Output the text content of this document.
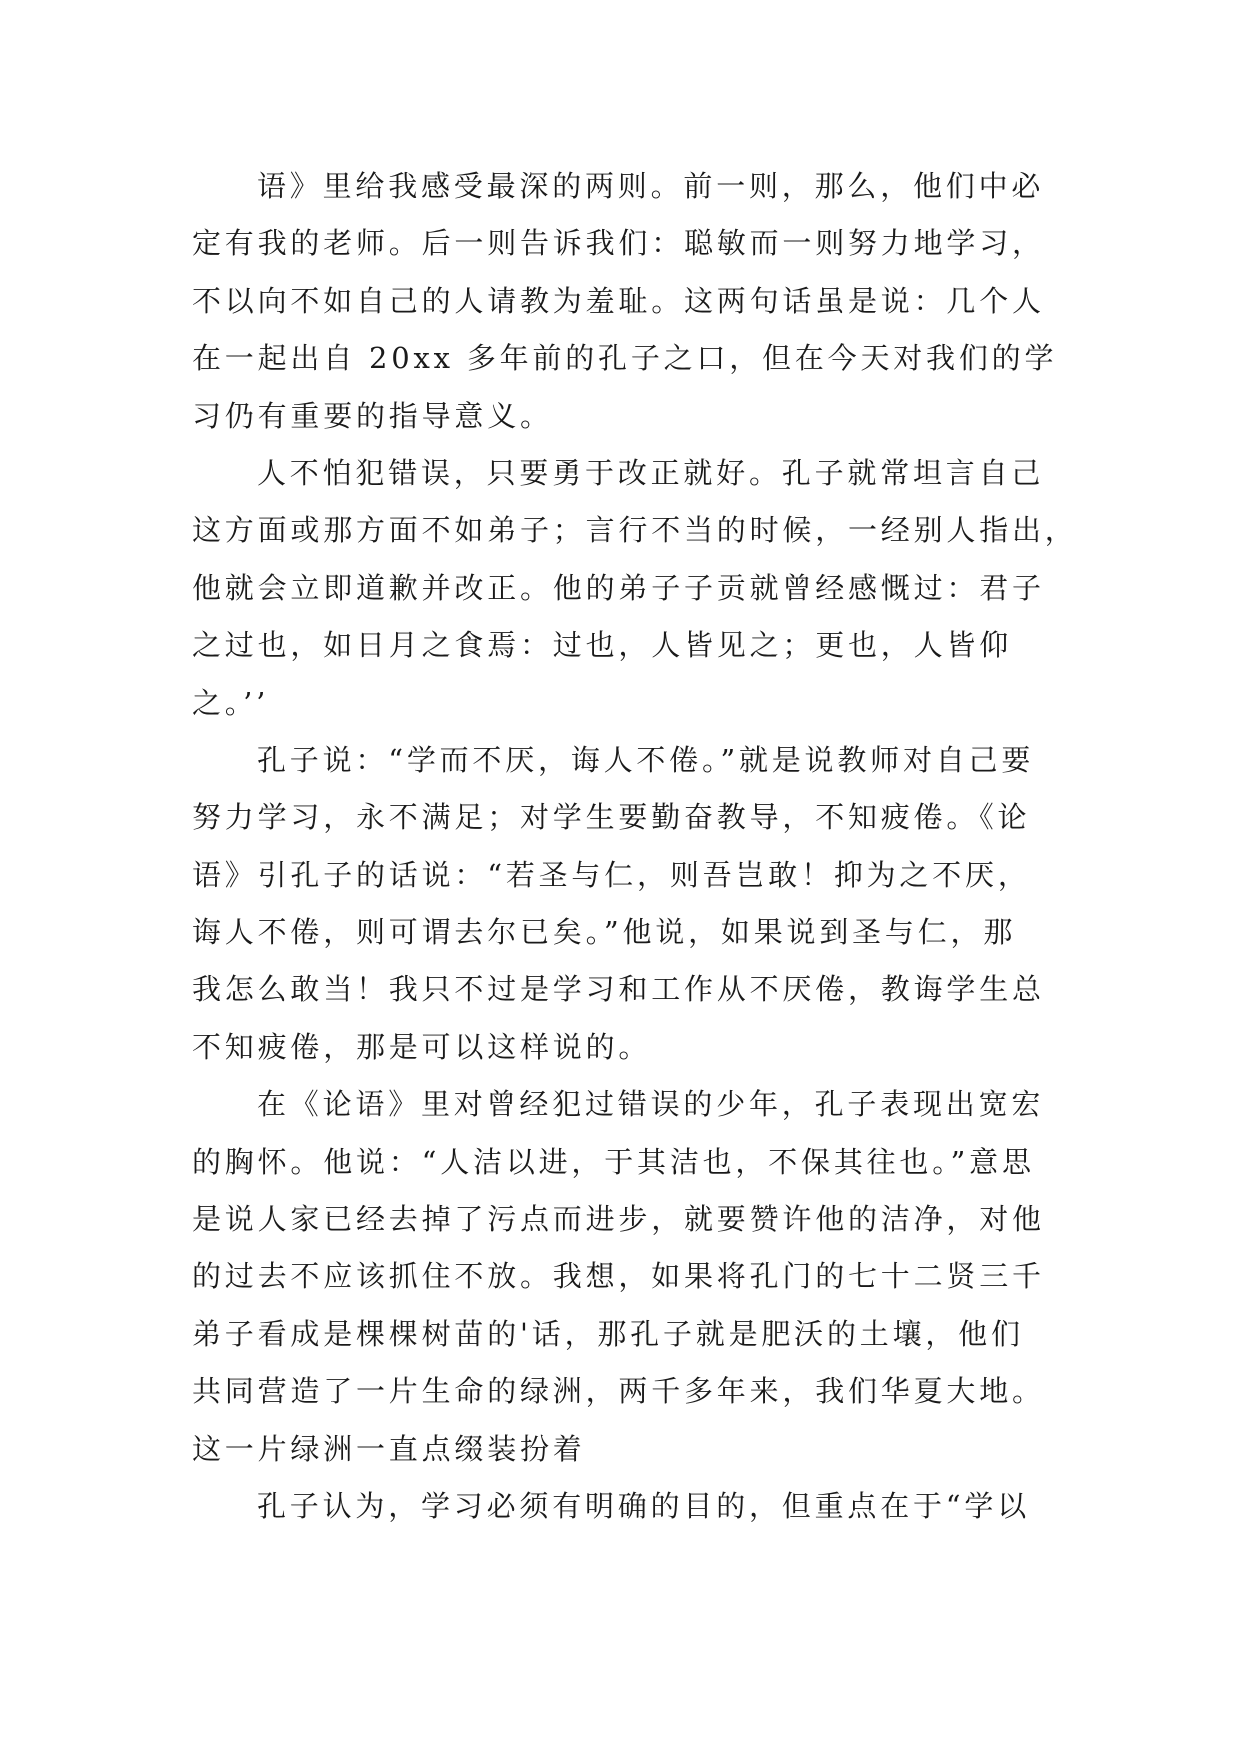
语》里给我感受最深的两则。前一则，那么，他们中必
定有我的老师。后一则告诉我们：聪敏而一则努力地学习，
不以向不如自己的人请教为羞耻。这两句话虽是说：几个人
在一起出自 20xx 多年前的孔子之口，但在今天对我们的学
习仍有重要的指导意义。
人不怕犯错误，只要勇于改正就好。孔子就常坦言自己
这方面或那方面不如弟子；言行不当的时候，一经别人指出，
他就会立即道歉并改正。他的弟子子贡就曾经感慨过：君子
之过也，如日月之食焉：过也，人皆见之；更也，人皆仰
之。’’
孔子说：“学而不厌，诲人不倦。”就是说教师对自己要
努力学习，永不满足；对学生要勤奋教导，不知疲倦。《论
语》引孔子的话说：“若圣与仁，则吾岂敢！抑为之不厌，
诲人不倦，则可谓去尔已矣。”他说，如果说到圣与仁，那
我怎么敢当！我只不过是学习和工作从不厌倦，教诲学生总
不知疲倦，那是可以这样说的。
在《论语》里对曾经犯过错误的少年，孔子表现出宽宏
的胸怀。他说：“人洁以进，于其洁也，不保其往也。”意思
是说人家已经去掉了污点而进步，就要赞许他的洁净，对他
的过去不应该抓住不放。我想，如果将孔门的七十二贤三千
弟子看成是棵棵树苗的'话，那孔子就是肥沃的土壤，他们
共同营造了一片生命的绿洲，两千多年来，我们华夏大地。
这一片绿洲一直点缀装扮着
孔子认为，学习必须有明确的目的，但重点在于“学以
